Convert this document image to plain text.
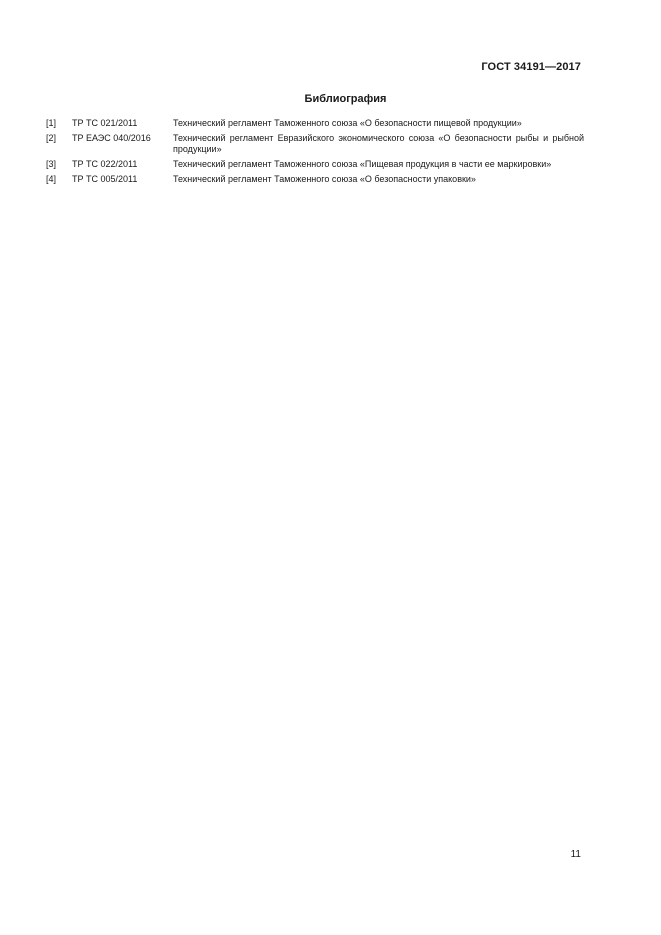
ГОСТ 34191—2017
Библиография
[1]	ТР ТС 021/2011	Технический регламент Таможенного союза «О безопасности пищевой продукции»
[2]	ТР ЕАЭС 040/2016	Технический регламент Евразийского экономического союза «О безопасности рыбы и рыбной продукции»
[3]	ТР ТС 022/2011	Технический регламент Таможенного союза «Пищевая продукция в части ее маркировки»
[4]	ТР ТС 005/2011	Технический регламент Таможенного союза «О безопасности упаковки»
11
